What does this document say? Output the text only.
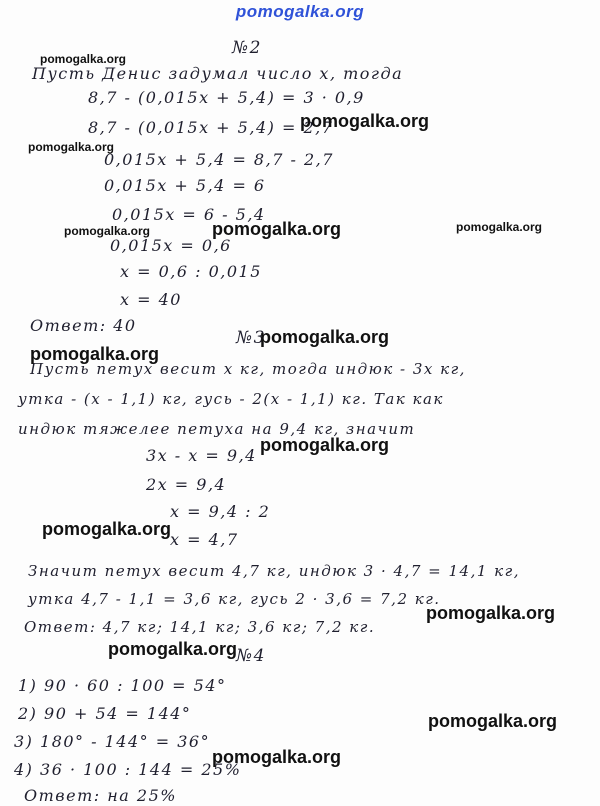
pomogalka.org
№2
Пусть Денис задумал число х, тогда
8,7 - (0,015х + 5,4) = 3 · 0,9
8,7 - (0,015х + 5,4) = 2,7
0,015х + 5,4 = 8,7 - 2,7
0,015х + 5,4 = 6
0,015х = 6 - 5,4
0,015х = 0,6
х = 0,6 : 0,015
х = 40
Ответ: 40
№3
Пусть петух весит х кг, тогда индюк - 3х кг,
утка - (х - 1,1) кг, гусь - 2(х - 1,1) кг. Так как
индюк тяжелее петуха на 9,4 кг, значит
3х - х = 9,4
2х = 9,4
х = 9,4 : 2
х = 4,7
Значит петух весит 4,7 кг, индюк 3 · 4,7 = 14,1 кг,
утка 4,7 - 1,1 = 3,6 кг, гусь 2 · 3,6 = 7,2 кг.
Ответ: 4,7 кг; 14,1 кг; 3,6 кг; 7,2 кг.
№4
1) 90 · 60 : 100 = 54°
2) 90 + 54 = 144°
3) 180° - 144° = 36°
4) 36 · 100 : 144 = 25%
Ответ: на 25%
pomogalka.org
pomogalka.org
pomogalka.org
pomogalka.org	pomogalka.org	pomogalka.org
pomogalka.org
pomogalka.org
pomogalka.org
pomogalka.org
pomogalka.org
pomogalka.org
pomogalka.org
pomogalka.org
